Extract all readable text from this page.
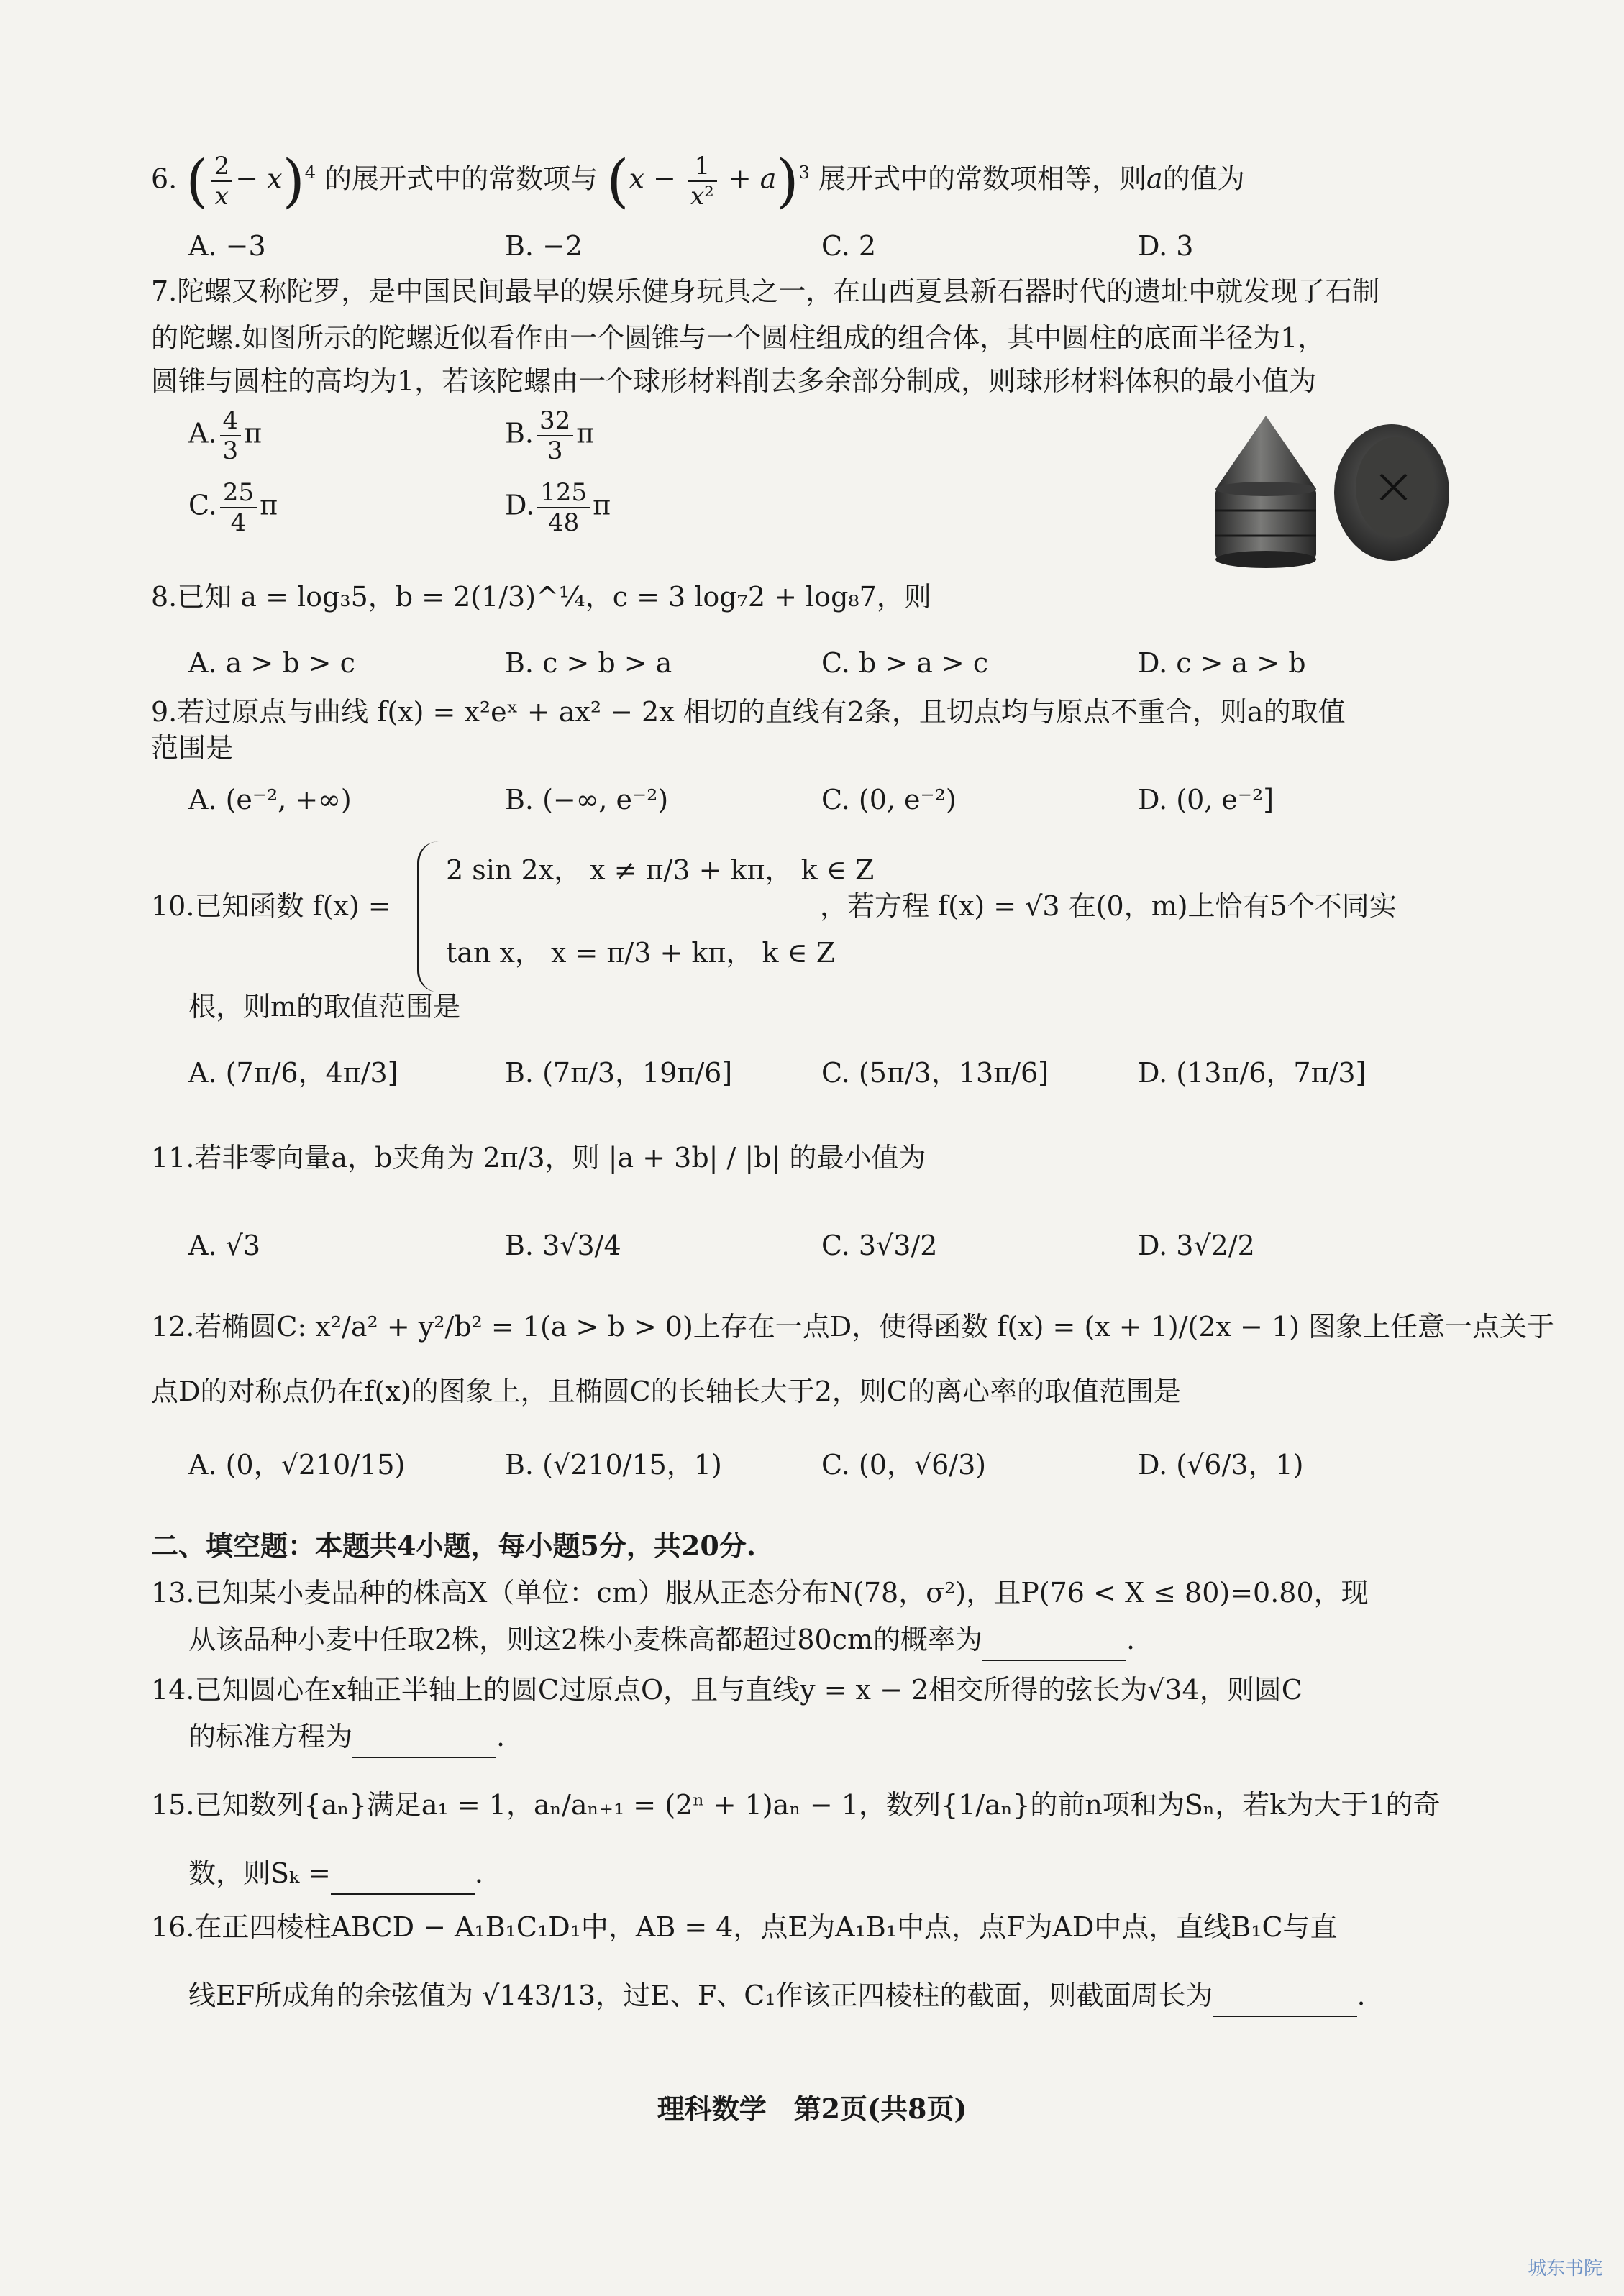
6. ( $\frac{2}{x} - x)^4$ 的展开式中的常数项与 $(x - \frac{1}{\text{x²}} + a)^3$ 展开式中的常数项相等，则a的值为
A. −3	B. −2	C. 2	D. 3
7.陀螺又称陀罗，是中国民间最早的娱乐健身玩具之一，在山西夏县新石器时代的遗址中就发现了石制
的陀螺.如图所示的陀螺近似看作由一个圆锥与一个圆柱组成的组合体，其中圆柱的底面半径为1，
圆锥与圆柱的高均为1，若该陀螺由一个球形材料削去多余部分制成，则球形材料体积的最小值为
A. $\frac{4}{3}$ π	B. $\frac{32}{3}$ π
C. $\frac{25}{4}$ π	D. $\frac{125}{48}$ π
8.已知 a = log₃5，b = 2(1/3)^¼，c = 3 log₇2 + log₈7，则
A. a > b > c	B. c > b > a	C. b > a > c	D. c > a > b
9.若过原点与曲线 f(x) = x²eˣ + ax² − 2x 相切的直线有2条，且切点均与原点不重合，则a的取值
范围是
A. (e⁻², +∞)	B. (−∞, e⁻²)	C. (0, e⁻²)	D. (0, e⁻²]
10.已知函数 f(x) =
2 sin 2x， x ≠ π/3 + kπ， k ∈ Z
tan x， x = π/3 + kπ， k ∈ Z
，若方程 f(x) = √3 在(0，m)上恰有5个不同实
根，则m的取值范围是
A. (7π/6，4π/3]	B. (7π/3，19π/6]	C. (5π/3，13π/6]	D. (13π/6，7π/3]
11.若非零向量a，b夹角为 2π/3，则 |a + 3b| / |b| 的最小值为
A. √3	B. 3√3/4	C. 3√3/2	D. 3√2/2
12.若椭圆C: x²/a² + y²/b² = 1(a > b > 0)上存在一点D，使得函数 f(x) = (x + 1)/(2x − 1) 图象上任意一点关于
点D的对称点仍在f(x)的图象上，且椭圆C的长轴长大于2，则C的离心率的取值范围是
A. (0，√210/15)	B. (√210/15，1)	C. (0，√6/3)	D. (√6/3，1)
二、填空题：本题共4小题，每小题5分，共20分.
13.已知某小麦品种的株高X（单位：cm）服从正态分布N(78，σ²)，且P(76 < X ≤ 80)=0.80，现
从该品种小麦中任取2株，则这2株小麦株高都超过80cm的概率为	.
14.已知圆心在x轴正半轴上的圆C过原点O，且与直线y = x − 2相交所得的弦长为√34，则圆C
的标准方程为	.
15.已知数列{aₙ}满足a₁ = 1，aₙ/aₙ₊₁ = (2ⁿ + 1)aₙ − 1，数列{1/aₙ}的前n项和为Sₙ，若k为大于1的奇
数，则Sₖ =	.
16.在正四棱柱ABCD − A₁B₁C₁D₁中，AB = 4，点E为A₁B₁中点，点F为AD中点，直线B₁C与直
线EF所成角的余弦值为 √143/13，过E、F、C₁作该正四棱柱的截面，则截面周长为	.
理科数学　第2页(共8页)
城东书院
